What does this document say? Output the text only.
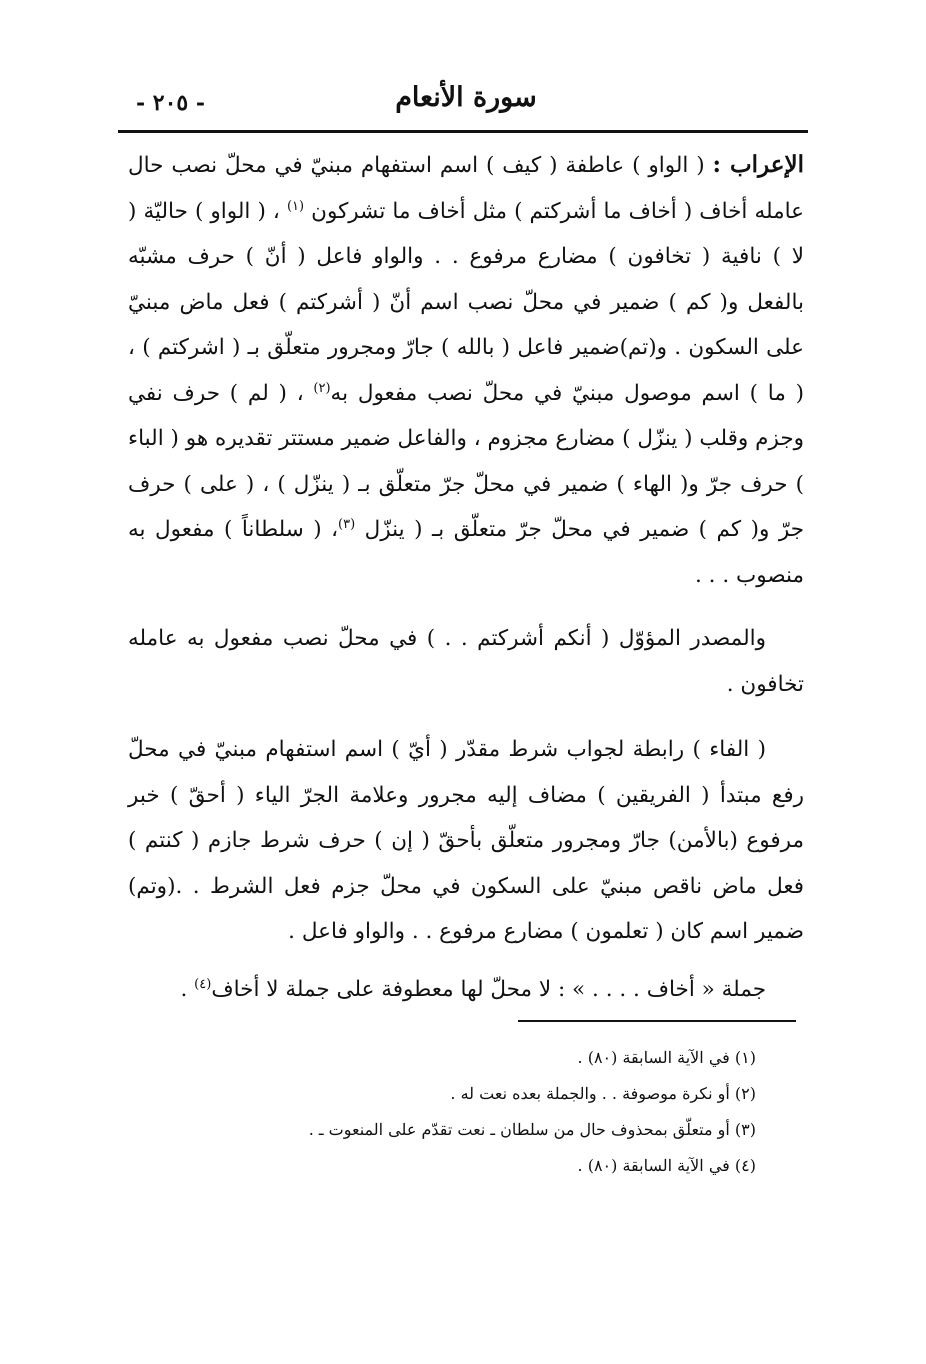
سورة الأنعام
- ٢٠٥ -

الإعراب : ( الواو ) عاطفة ( كيف ) اسم استفهام مبنيّ في محلّ نصب حال عامله أخاف ( أخاف ما أشركتم ) مثل أخاف ما تشركون $^{(١)}$ ، ( الواو ) حاليّة ( لا ) نافية ( تخافون ) مضارع مرفوع . . والواو فاعل ( أنّ ) حرف مشبّه بالفعل و( كم ) ضمير في محلّ نصب اسم أنّ ( أشركتم ) فعل ماض مبنيّ على السكون . و(تم)ضمير فاعل ( بالله ) جارّ ومجرور متعلّق بـ ( اشركتم ) ، ( ما ) اسم موصول مبنيّ في محلّ نصب مفعول به$^{(٢)}$ ، ( لم ) حرف نفي وجزم وقلب ( ينزّل ) مضارع مجزوم ، والفاعل ضمير مستتر تقديره هو ( الباء ) حرف جرّ و( الهاء ) ضمير في محلّ جرّ متعلّق بـ ( ينزّل ) ، ( على ) حرف جرّ و( كم ) ضمير في محلّ جرّ متعلّق بـ ( ينزّل $^{(٣)}$، ( سلطاناً ) مفعول به منصوب . . .

والمصدر المؤوّل ( أنكم أشركتم . . ) في محلّ نصب مفعول به عامله تخافون .

( الفاء ) رابطة لجواب شرط مقدّر ( أيّ ) اسم استفهام مبنيّ في محلّ رفع مبتدأ ( الفريقين ) مضاف إليه مجرور وعلامة الجرّ الياء ( أحقّ ) خبر مرفوع (بالأمن) جارّ ومجرور متعلّق بأحقّ ( إن ) حرف شرط جازم ( كنتم ) فعل ماض ناقص مبنيّ على السكون في محلّ جزم فعل الشرط . .(وتم) ضمير اسم كان ( تعلمون ) مضارع مرفوع . . والواو فاعل .

جملة « أخاف . . . . » : لا محلّ لها معطوفة على جملة لا أخاف$^{(٤)}$ .

(١) في الآية السابقة (٨٠) .

(٢) أو نكرة موصوفة . . والجملة بعده نعت له .

(٣) أو متعلّق بمحذوف حال من سلطان ـ نعت تقدّم على المنعوت ـ .

(٤) في الآية السابقة (٨٠) .
